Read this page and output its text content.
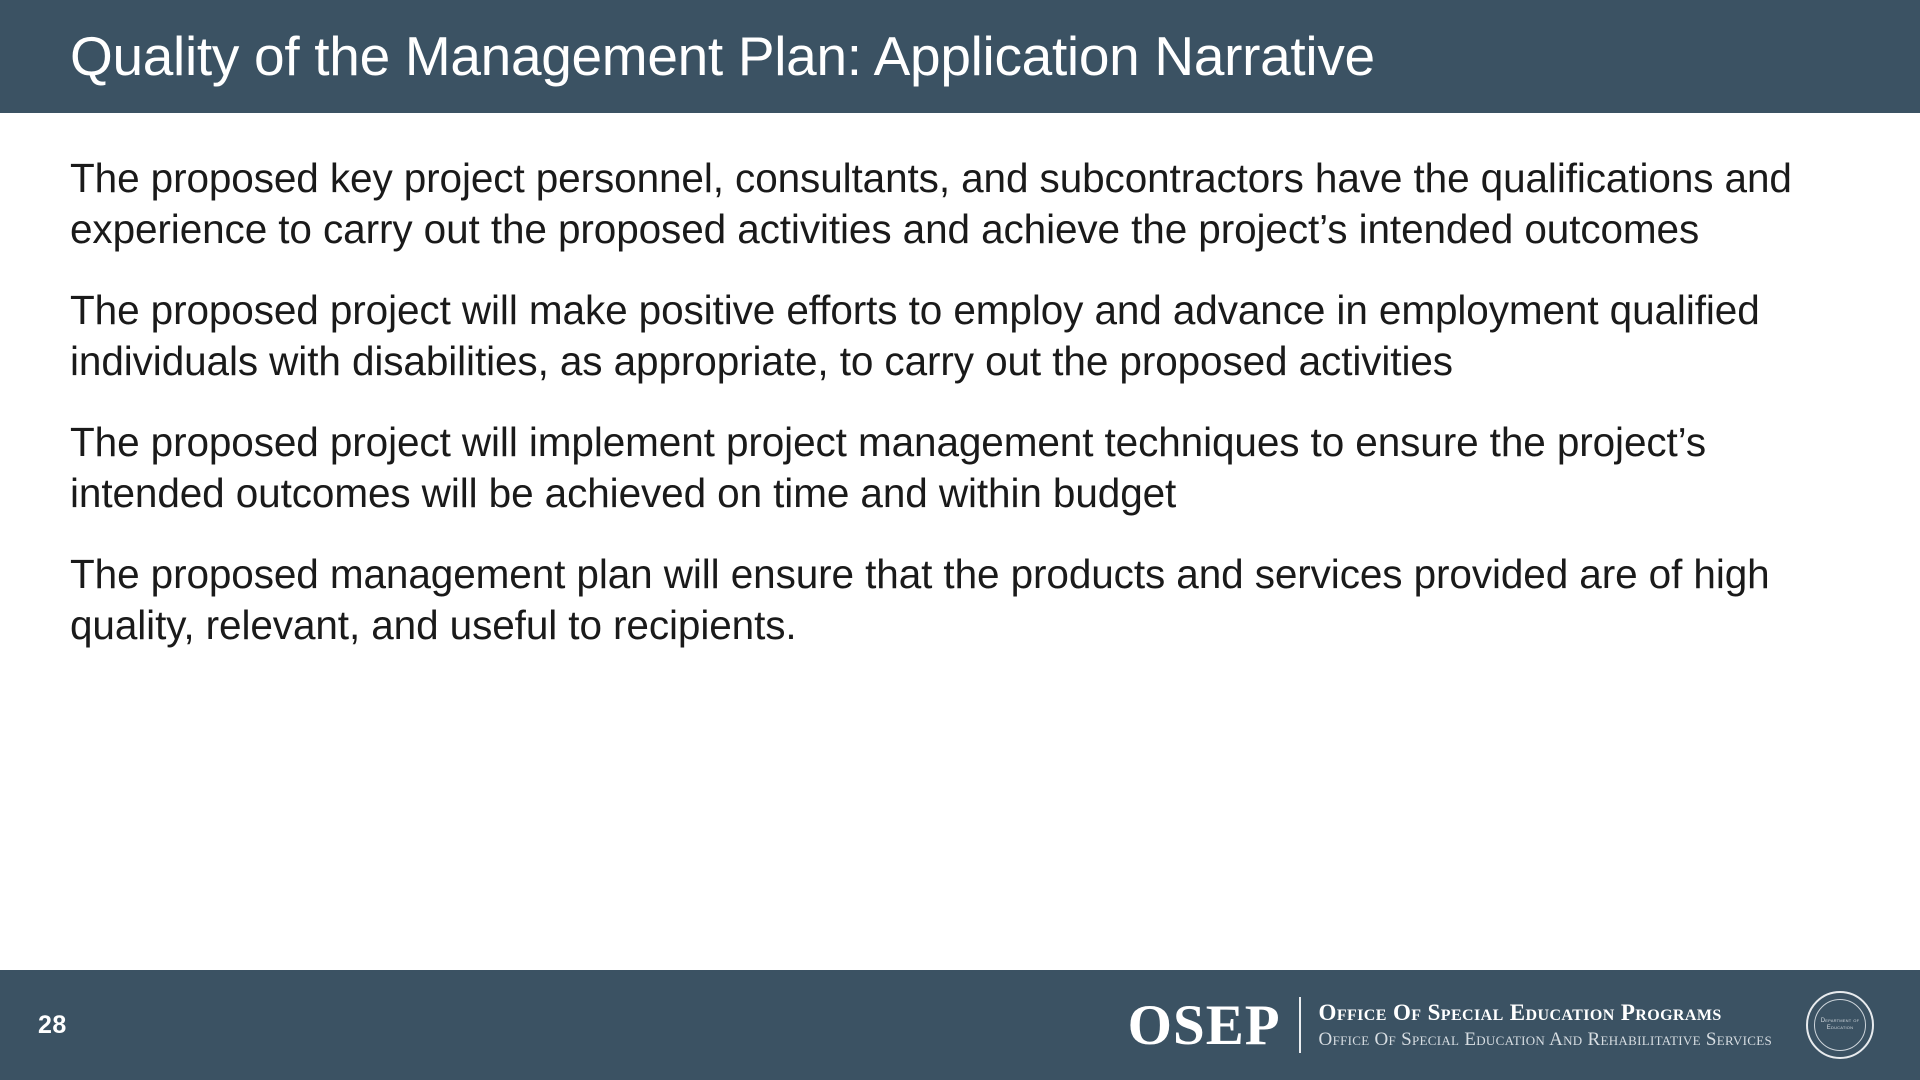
Quality of the Management Plan: Application Narrative

The proposed key project personnel, consultants, and subcontractors have the qualifications and experience to carry out the proposed activities and achieve the project’s intended outcomes

The proposed project will make positive efforts to employ and advance in employment qualified individuals with disabilities, as appropriate, to carry out the proposed activities

The proposed project will implement project management techniques to ensure the project’s intended outcomes will be achieved on time and within budget

The proposed management plan will ensure that the products and services provided are of high quality, relevant, and useful to recipients.

28	OSEP Office Of Special Education Programs
Office Of Special Education And Rehabilitative Services
Department of Education
